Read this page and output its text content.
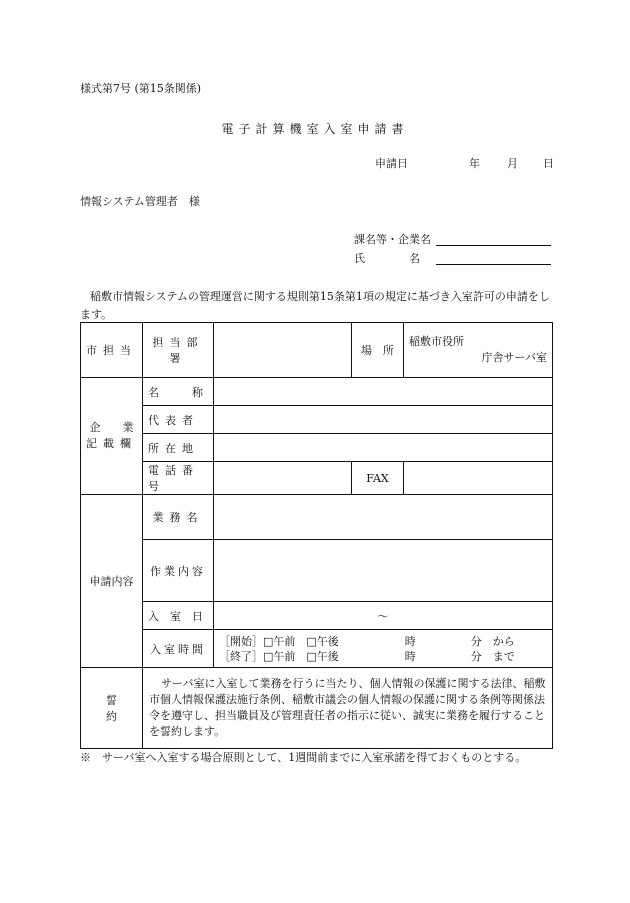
様式第7号 (第15条関係)
電子計算機室入室申請書
申請日	年 月 日
情報システム管理者　様
課名等・企業名
氏　　　　名
稲敷市情報システムの管理運営に関する規則第15条第1項の規定に基づき入室許可の申請をします。
市担当	担当部署		場　所	稲敷市役所
庁舎サーバ室

企　　業
記載欄	名　　　称			
	代表者			
	所在地			
	電話番号		FAX	
申請内容	業務名			
	作業内容			
	入　室　日	～		
	入室時間	［開始］□午前　□午後　　　　　　時　　　　　分　から
［終了］□午前　□午後　　　　　　時　　　　　分　まで		

誓　　　約	サーバ室に入室して業務を行うに当たり、個人情報の保護に関する法律、稲敷市個人情報保護法施行条例、稲敷市議会の個人情報の保護に関する条例等関係法令を遵守し、担当職員及び管理責任者の指示に従い、誠実に業務を履行することを誓約します。			
※　サーバ室へ入室する場合原則として、1週間前までに入室承諾を得ておくものとする。
